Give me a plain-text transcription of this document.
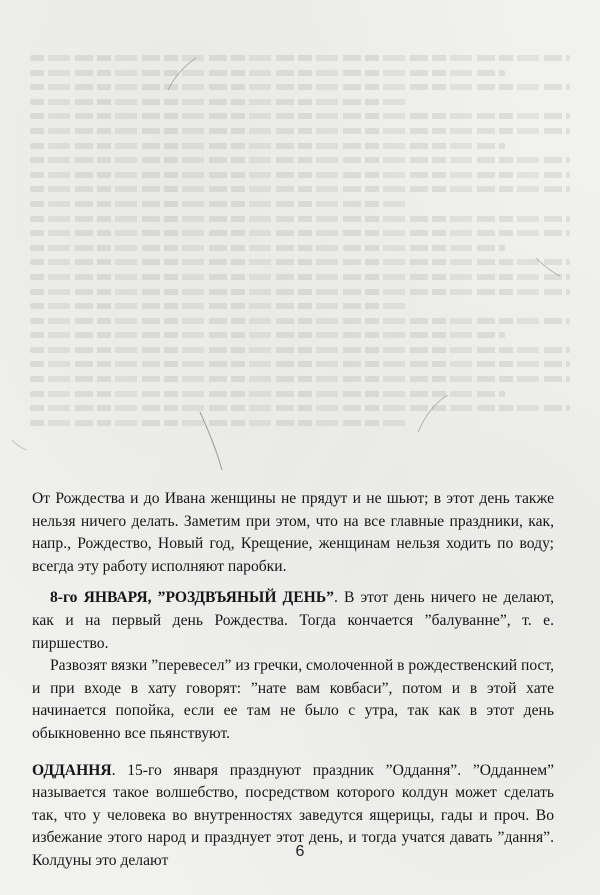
От Рождества и до Ивана женщины не прядут и не шьют; в этот день также нельзя ничего делать. Заметим при этом, что на все главные праздники, как, напр., Рождество, Новый год, Крещение, женщинам нельзя ходить по воду; всегда эту работу исполняют паробки.

8-го ЯНВАРЯ, ”РОЗДВЪЯНЫЙ ДЕНЬ”. В этот день ничего не делают, как и на первый день Рождества. Тогда кончается ”балуванне”, т. е. пиршество.

Развозят вязки ”перевесел” из гречки, смолоченной в рождественский пост, и при входе в хату говорят: ”нате вам ковбаси”, потом и в этой хате начинается попойка, если ее там не было с утра, так как в этот день обыкновенно все пьянствуют.

ОДДАННЯ. 15-го января празднуют праздник ”Оддання”. ”Одданнем” называется такое волшебство, посредством которого колдун может сделать так, что у человека во внутренностях заведутся ящерицы, гады и проч. Во избежание этого народ и празднует этот день, и тогда учатся давать ”дання”. Колдуны это делают

6
